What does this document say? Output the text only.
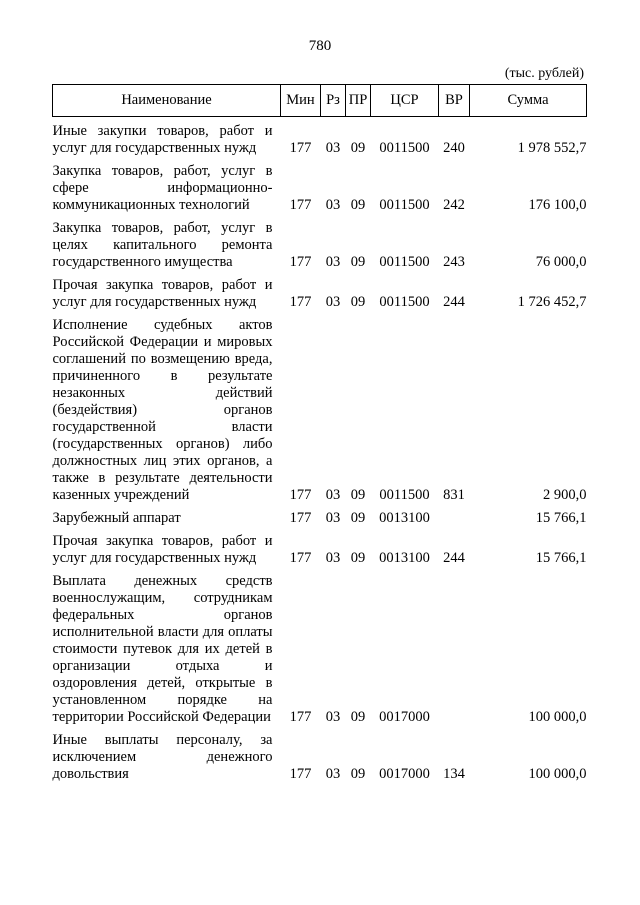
780
(тыс. рублей)
Наименование	Мин	Рз	ПР	ЦСР	ВР	Сумма
Иные закупки товаров, работ и услуг для государственных нужд	177	03	09	0011500	240	1 978 552,7
Закупка товаров, работ, услуг в сфере информационно-коммуникационных технологий	177	03	09	0011500	242	176 100,0
Закупка товаров, работ, услуг в целях капитального ремонта государственного имущества	177	03	09	0011500	243	76 000,0
Прочая закупка товаров, работ и услуг для государственных нужд	177	03	09	0011500	244	1 726 452,7
Исполнение судебных актов Российской Федерации и мировых соглашений по возмещению вреда, причиненного в результате незаконных действий (бездействия) органов государственной власти (государственных органов) либо должностных лиц этих органов, а также в результате деятельности казенных учреждений	177	03	09	0011500	831	2 900,0
Зарубежный аппарат	177	03	09	0013100		15 766,1
Прочая закупка товаров, работ и услуг для государственных нужд	177	03	09	0013100	244	15 766,1
Выплата денежных средств военнослужащим, сотрудникам федеральных органов исполнительной власти для оплаты стоимости путевок для их детей в организации отдыха и оздоровления детей, открытые в установленном порядке на территории Российской Федерации	177	03	09	0017000		100 000,0
Иные выплаты персоналу, за исключением денежного довольствия	177	03	09	0017000	134	100 000,0
